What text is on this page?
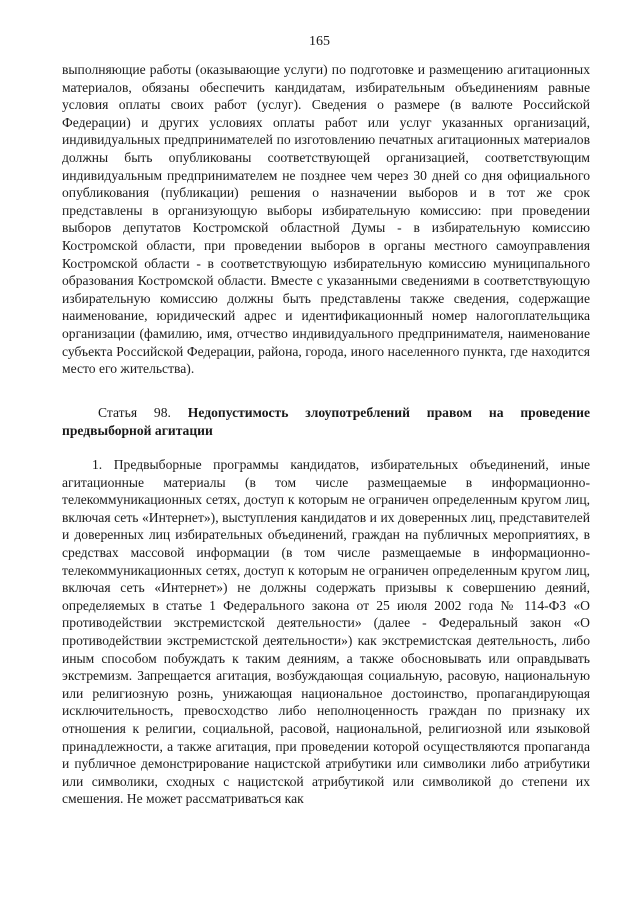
165

выполняющие работы (оказывающие услуги) по подготовке и размещению агитационных материалов, обязаны обеспечить кандидатам, избирательным объединениям равные условия оплаты своих работ (услуг). Сведения о размере (в валюте Российской Федерации) и других условиях оплаты работ или услуг указанных организаций, индивидуальных предпринимателей по изготовлению печатных агитационных материалов должны быть опубликованы соответствующей организацией, соответствующим индивидуальным предпринимателем не позднее чем через 30 дней со дня официального опубликования (публикации) решения о назначении выборов и в тот же срок представлены в организующую выборы избирательную комиссию: при проведении выборов депутатов Костромской областной Думы - в избирательную комиссию Костромской области, при проведении выборов в органы местного самоуправления Костромской области - в соответствующую избирательную комиссию муниципального образования Костромской области. Вместе с указанными сведениями в соответствующую избирательную комиссию должны быть представлены также сведения, содержащие наименование, юридический адрес и идентификационный номер налогоплательщика организации (фамилию, имя, отчество индивидуального предпринимателя, наименование субъекта Российской Федерации, района, города, иного населенного пункта, где находится место его жительства).

Статья 98. Недопустимость злоупотреблений правом на проведение предвыборной агитации

1. Предвыборные программы кандидатов, избирательных объединений, иные агитационные материалы (в том числе размещаемые в информационно-телекоммуникационных сетях, доступ к которым не ограничен определенным кругом лиц, включая сеть «Интернет»), выступления кандидатов и их доверенных лиц, представителей и доверенных лиц избирательных объединений, граждан на публичных мероприятиях, в средствах массовой информации (в том числе размещаемые в информационно-телекоммуникационных сетях, доступ к которым не ограничен определенным кругом лиц, включая сеть «Интернет») не должны содержать призывы к совершению деяний, определяемых в статье 1 Федерального закона от 25 июля 2002 года № 114-ФЗ «О противодействии экстремистской деятельности» (далее - Федеральный закон «О противодействии экстремистской деятельности») как экстремистская деятельность, либо иным способом побуждать к таким деяниям, а также обосновывать или оправдывать экстремизм. Запрещается агитация, возбуждающая социальную, расовую, национальную или религиозную рознь, унижающая национальное достоинство, пропагандирующая исключительность, превосходство либо неполноценность граждан по признаку их отношения к религии, социальной, расовой, национальной, религиозной или языковой принадлежности, а также агитация, при проведении которой осуществляются пропаганда и публичное демонстрирование нацистской атрибутики или символики либо атрибутики или символики, сходных с нацистской атрибутикой или символикой до степени их смешения. Не может рассматриваться как
